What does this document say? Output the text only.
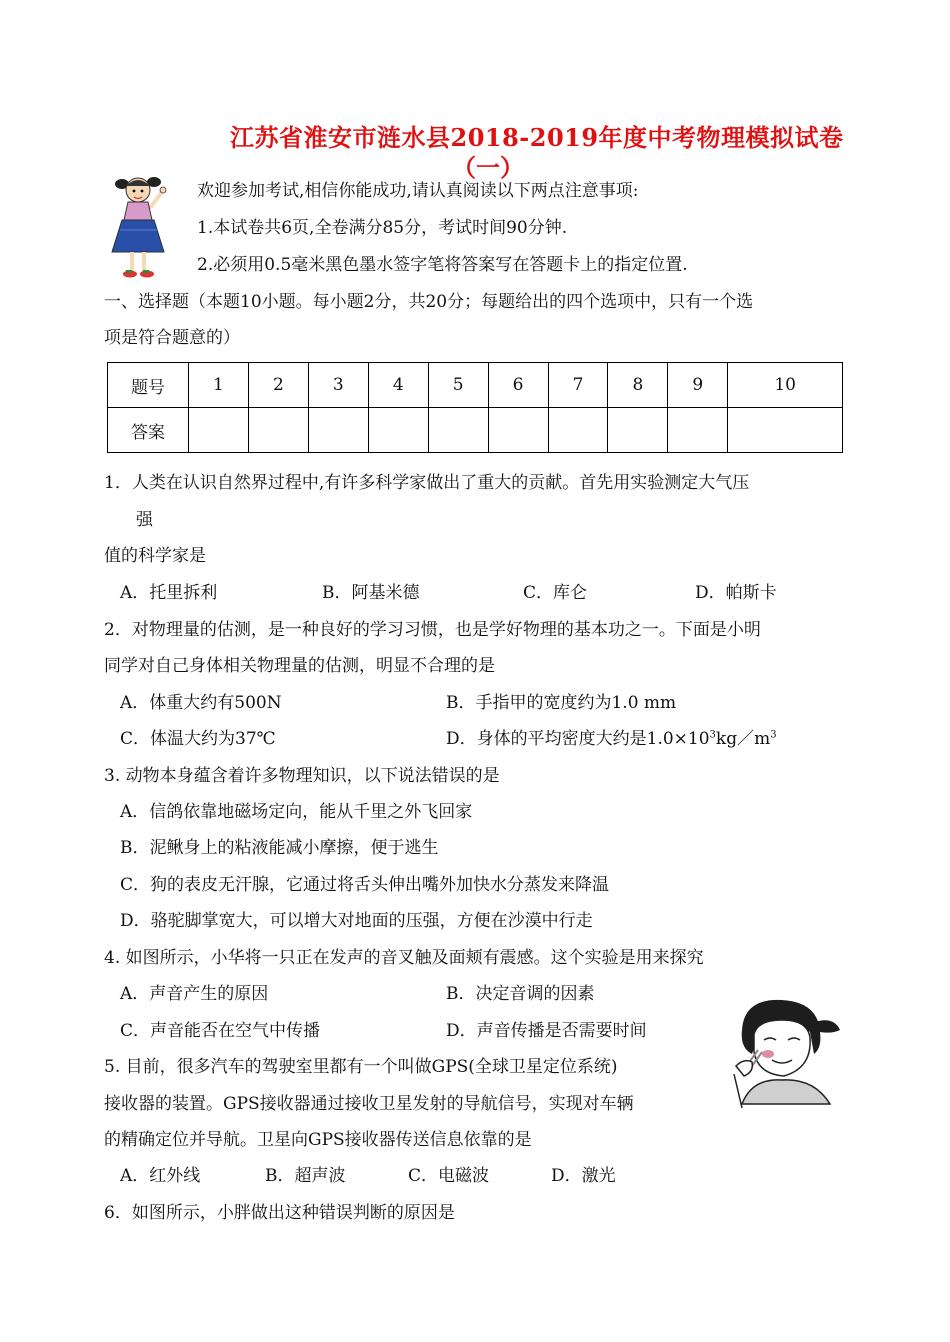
江苏省淮安市涟水县2018-2019年度中考物理模拟试卷
（一）
欢迎参加考试,相信你能成功,请认真阅读以下两点注意事项:
1.本试卷共6页,全卷满分85分，考试时间90分钟.
2.必须用0.5毫米黑色墨水签字笔将答案写在答题卡上的指定位置.
一、选择题（本题10小题。每小题2分，共20分；每题给出的四个选项中，只有一个选
项是符合题意的）
题号	1	2	3	4	5	6	7	8	9	10
答案										
1．人类在认识自然界过程中,有许多科学家做出了重大的贡献。首先用实验测定大气压
强
值的科学家是
A．托里拆利	B．阿基米德	C．库仑	D．帕斯卡
2．对物理量的估测，是一种良好的学习习惯，也是学好物理的基本功之一。下面是小明
同学对自己身体相关物理量的估测，明显不合理的是
A．体重大约有500N	B．手指甲的宽度约为1.0 mm
C．体温大约为37℃	D．身体的平均密度大约是$1.0\times 10^3kg/m^3$
3. 动物本身蕴含着许多物理知识，以下说法错误的是
A．信鸽依靠地磁场定向，能从千里之外飞回家
B．泥鳅身上的粘液能减小摩擦，便于逃生
C．狗的表皮无汗腺，它通过将舌头伸出嘴外加快水分蒸发来降温
D．骆驼脚掌宽大，可以增大对地面的压强，方便在沙漠中行走
4. 如图所示，小华将一只正在发声的音叉触及面颊有震感。这个实验是用来探究
A．声音产生的原因	B．决定音调的因素
C．声音能否在空气中传播	D．声音传播是否需要时间
5. 目前，很多汽车的驾驶室里都有一个叫做GPS(全球卫星定位系统)
接收器的装置。GPS接收器通过接收卫星发射的导航信号，实现对车辆
的精确定位并导航。卫星向GPS接收器传送信息依靠的是
A．红外线	B．超声波	C．电磁波	D．激光
6．如图所示，小胖做出这种错误判断的原因是
